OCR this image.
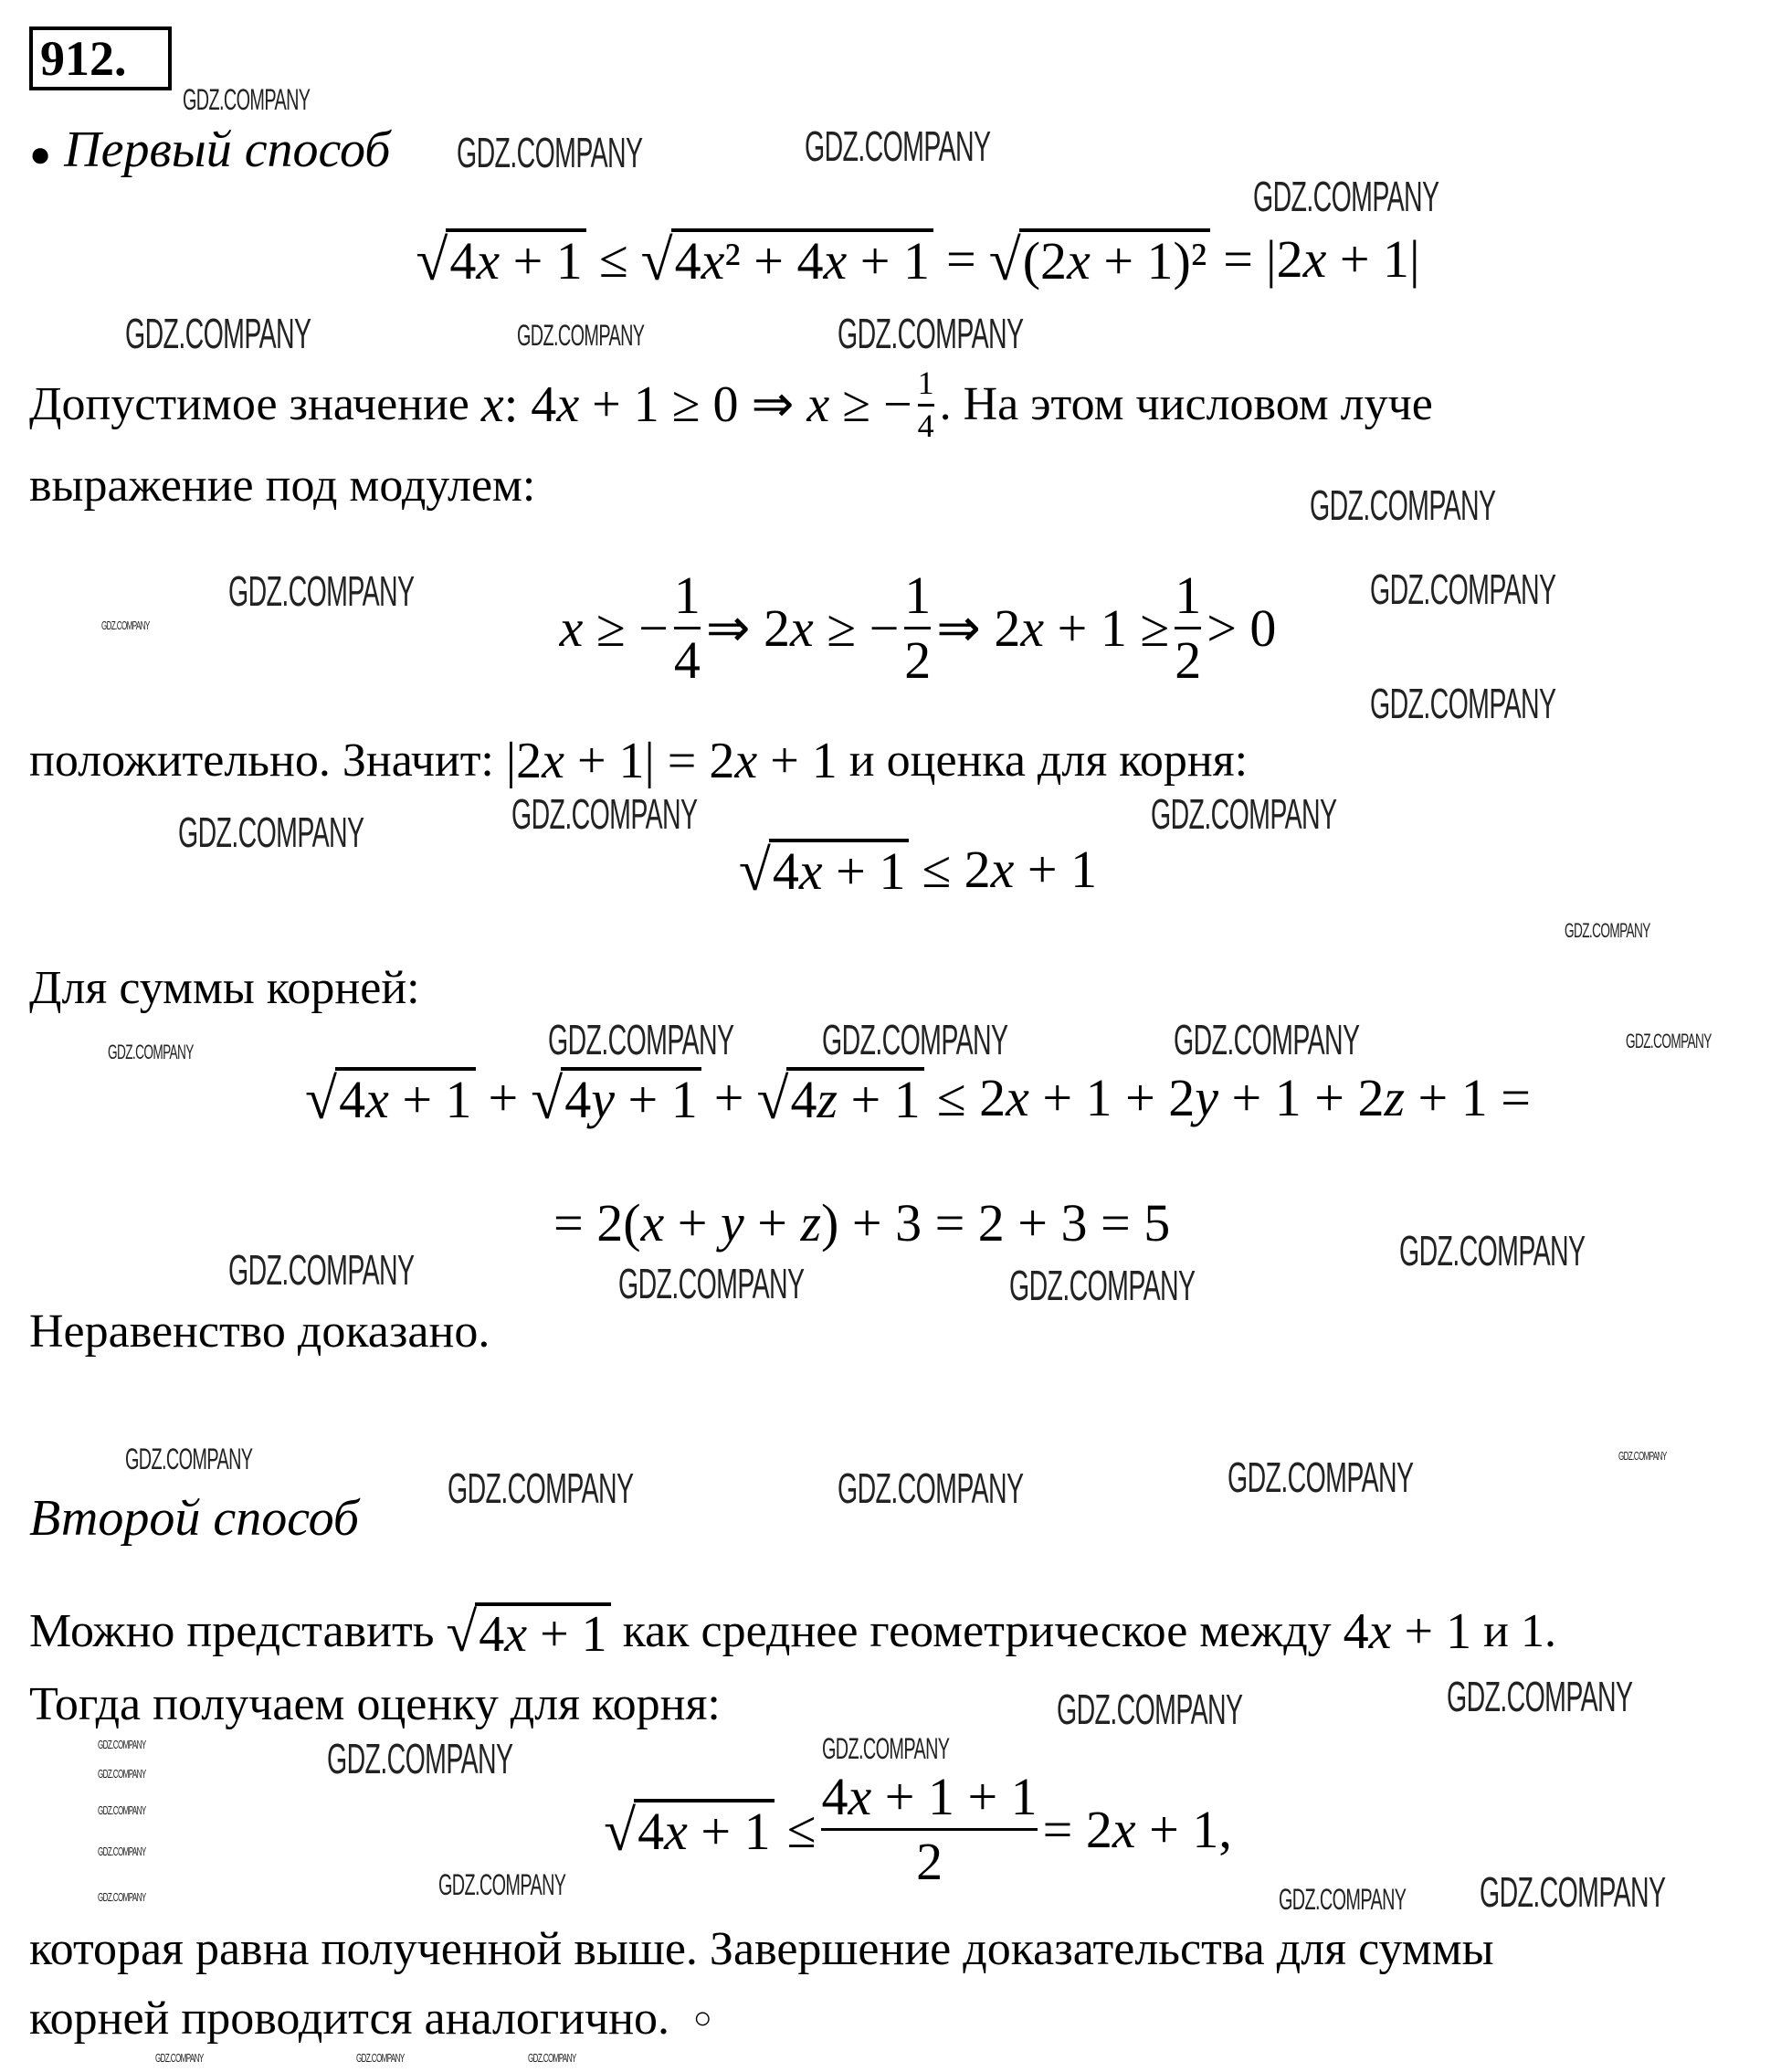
912.
● Первый способ
√ 4x + 1 ≤ √ 4x² + 4x + 1 = √ (2x + 1)² = |2x + 1|
Допустимое значение
x: 4x + 1 ≥ 0 ⇒ x ≥ − $\frac{1}{4}$ . На этом числовом луче
выражение под модулем:
x ≥ − $\frac{1}{4}$ ⇒ 2x ≥ − $\frac{1}{2}$ ⇒ $2x + 1 \ge \frac{1}{2} > 0$
положительно. Значит:
|2x + 1| = 2x + 1
и оценка для корня:
√ 4x + 1 ≤ 2x + 1
Для суммы корней:
√ 4x + 1 + √ 4y + 1 + √ 4z + 1 ≤ 2x + 1 + 2y + 1 + 2z + 1 =
= 2(x + y + z) + 3 = 2 + 3 = 5
Неравенство доказано.
Второй способ
Можно представить
√ 4x + 1
как среднее геометрическое между
4x + 1
и 1.
Тогда получаем оценку для корня:
√ $4x + 1 \le \frac{4x + 1 + 1}{2} = 2x + 1$,
которая равна полученной выше. Завершение доказательства для суммы
корней проводится аналогично.
○
GDZ.COMPANY	GDZ.COMPANY
GDZ.COMPANY
GDZ.COMPANY	GDZ.COMPANY
GDZ.COMPANY
GDZ.COMPANY	GDZ.COMPANY
GDZ.COMPANY
GDZ.COMPANY	GDZ.COMPANY	GDZ.COMPANY
GDZ.COMPANY GDZ.COMPANY	GDZ.COMPANY
GDZ.COMPANY	GDZ.COMPANY	GDZ.COMPANY
GDZ.COMPANY
GDZ.COMPANY	GDZ.COMPANY	GDZ.COMPANY
GDZ.COMPANY	GDZ.COMPANY
GDZ.COMPANY
GDZ.COMPANY
GDZ.COMPANY
GDZ.COMPANY
GDZ.COMPANY
GDZ.COMPANY
GDZ.COMPANY	GDZ.COMPANY
GDZ.COMPANY
GDZ.COMPANY	GDZ.COMPANY
GDZ.COMPANY
GDZ.COMPANY
GDZ.COMPANY
GDZ.COMPANY
GDZ.COMPANY
GDZ.COMPANY
GDZ.COMPANY
GDZ.COMPANY	GDZ.COMPANY	GDZ.COMPANY
